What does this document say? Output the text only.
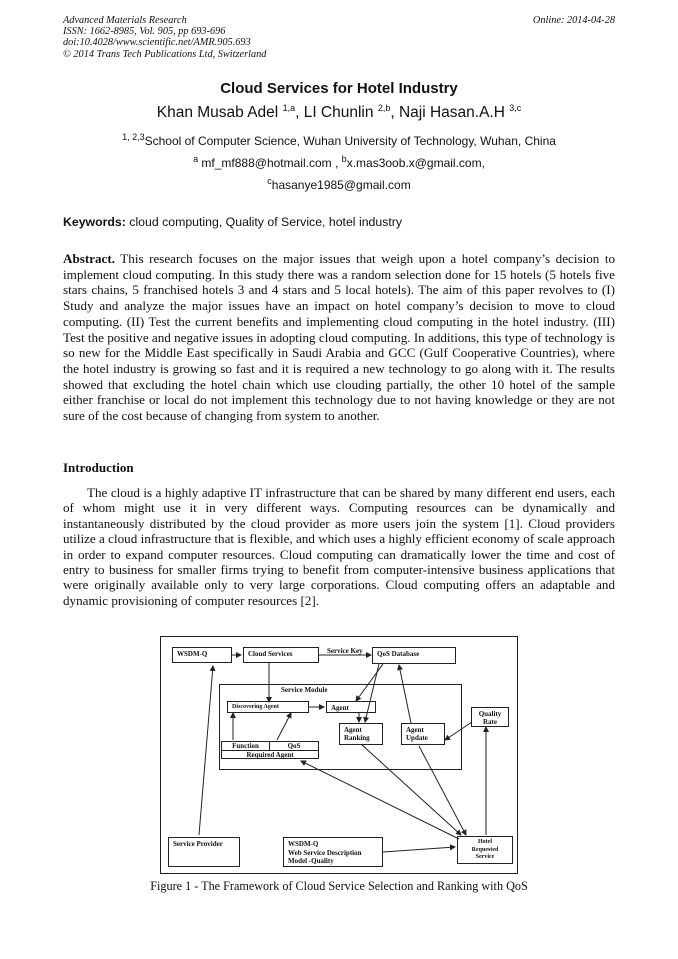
Advanced Materials Research
ISSN: 1662-8985, Vol. 905, pp 693-696
doi:10.4028/www.scientific.net/AMR.905.693
© 2014 Trans Tech Publications Ltd, Switzerland
Online: 2014-04-28
Cloud Services for Hotel Industry
Khan Musab Adel $^{1,a}$, LI Chunlin $^{2,b}$, Naji Hasan.A.H $^{3,c}$
$^{1, 2,3}$School of Computer Science, Wuhan University of Technology, Wuhan, China
$^a$ mf_mf888@hotmail.com , $^b$x.mas3oob.x@gmail.com,
$^c$hasanye1985@gmail.com
Keywords: cloud computing, Quality of Service, hotel industry

Abstract. This research focuses on the major issues that weigh upon a hotel company’s decision to implement cloud computing. In this study there was a random selection done for 15 hotels (5 hotels five stars chains, 5 franchised hotels 3 and 4 stars and 5 local hotels). The aim of this paper revolves to (I) Study and analyze the major issues have an impact on hotel company’s decision to move to cloud computing. (II) Test the current benefits and implementing cloud computing in the hotel industry. (III) Test the positive and negative issues in adopting cloud computing. In additions, this type of technology is so new for the Middle East specifically in Saudi Arabia and GCC (Gulf Cooperative Countries), where the hotel industry is growing so fast and it is required a new technology to go along with it. The results showed that excluding the hotel chain which use clouding partially, the other 10 hotel of the sample either franchise or local do not implement this technology due to not having knowledge or they are not sure of the cost because of changing from system to another.

Introduction

The cloud is a highly adaptive IT infrastructure that can be shared by many different end users, each of whom might use it in very different ways. Computing resources can be dynamically and instantaneously distributed by the cloud provider as more users join the system [1]. Cloud providers utilize a cloud infrastructure that is flexible, and which uses a highly efficient economy of scale approach in order to expand computer resources. Cloud computing can dramatically lower the time and cost of entry to business for smaller firms trying to benefit from computer-intensive business applications that were originally available only to very large corporations. Cloud computing offers an adaptable and dynamic provisioning of computer resources [2].

WSDM-Q	Cloud Services	Service Key	QoS Database
Service Module
Discovering Agent	Agent
Agent
Ranking
Agent
Update
Quality
Rate
Function	QoS
Required Agent
Service Provider	WSDM-Q
Web Service Description
Model -Quality
Hotel
Requested
Service
Figure 1 - The Framework of Cloud Service Selection and Ranking with QoS
